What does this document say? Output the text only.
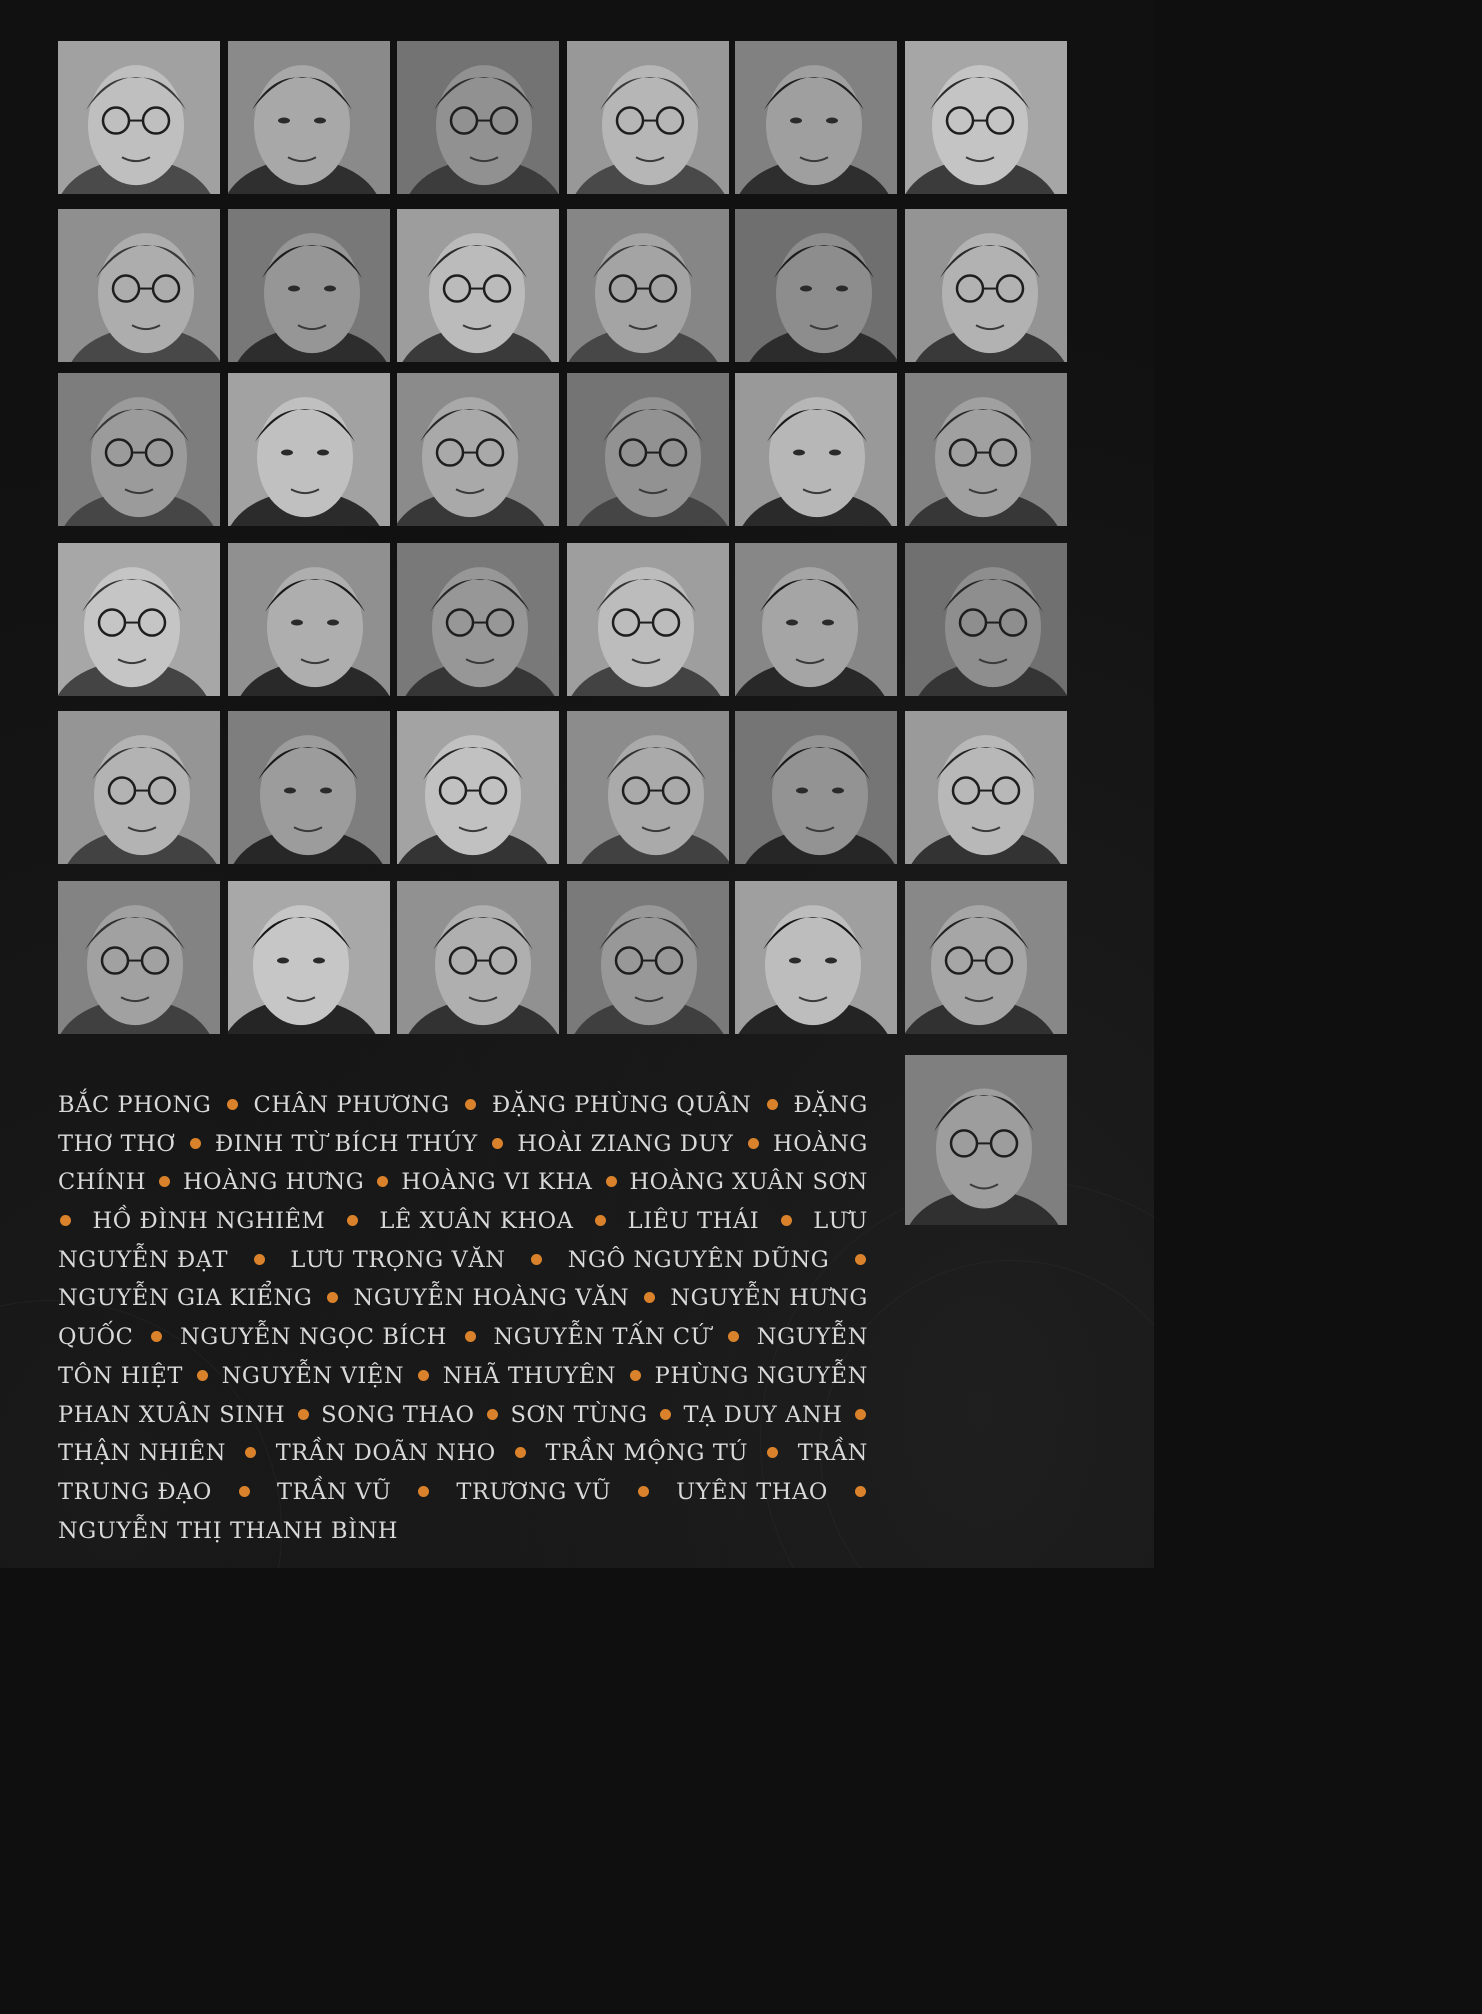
BẮC PHONG CHÂN PHƯƠNG ĐẶNG PHÙNG QUÂN ĐẶNG
THƠ THƠ ĐINH TỪ BÍCH THÚY HOÀI ZIANG DUY HOÀNG
CHÍNH HOÀNG HƯNG HOÀNG VI KHA HOÀNG XUÂN SƠN
HỒ ĐÌNH NGHIÊM LÊ XUÂN KHOA LIÊU THÁI LƯU
NGUYỄN ĐẠT	LƯU TRỌNG VĂN	NGÔ NGUYÊN DŨNG
NGUYỄN GIA KIỂNG NGUYỄN HOÀNG VĂN NGUYỄN HƯNG
QUỐC NGUYỄN NGỌC BÍCH NGUYỄN TẤN CỨ NGUYỄN
TÔN HIỆT NGUYỄN VIỆN NHÃ THUYÊN PHÙNG NGUYỄN
PHAN XUÂN SINH SONG THAO SƠN TÙNG TẠ DUY ANH
THẬN NHIÊN TRẦN DOÃN NHO TRẦN MỘNG TÚ TRẦN
TRUNG ĐẠO	TRẦN VŨ	TRƯƠNG VŨ	UYÊN THAO
NGUYỄN THỊ THANH BÌNH
